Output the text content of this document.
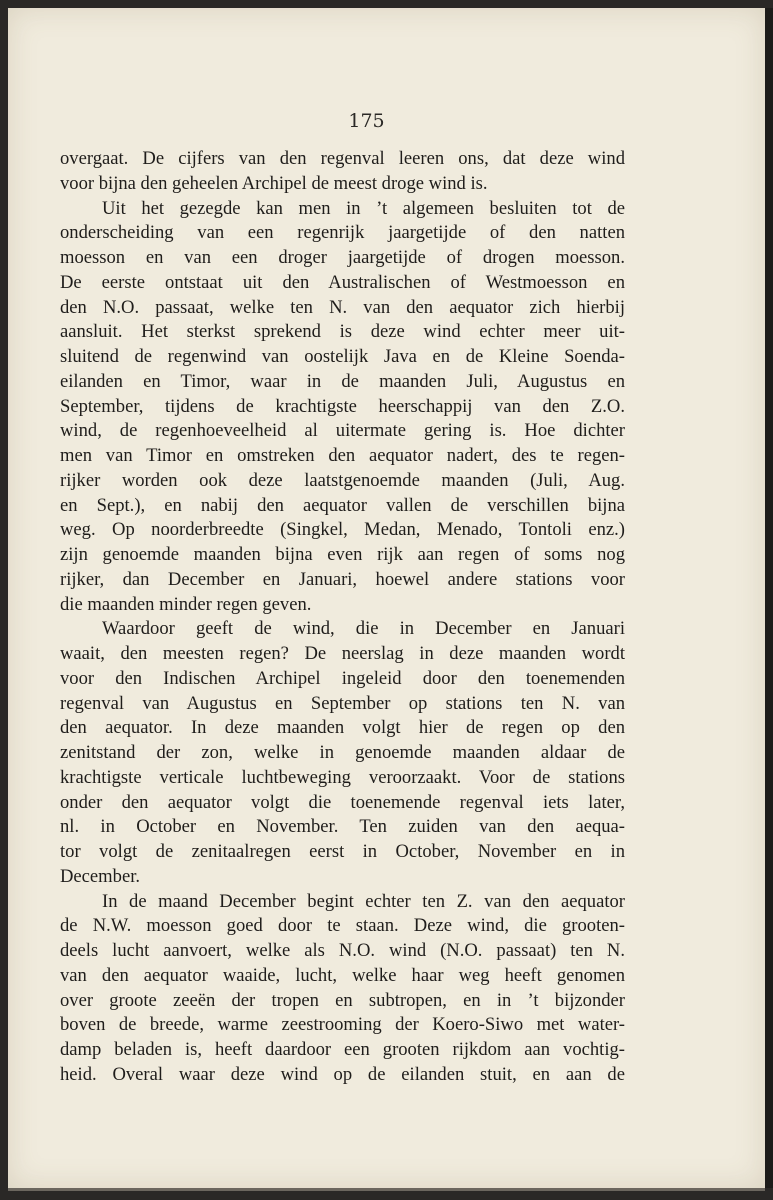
175
overgaat. De cijfers van den regenval leeren ons, dat deze wind
voor bijna den geheelen Archipel de meest droge wind is.
Uit het gezegde kan men in ’t algemeen besluiten tot de
onderscheiding van een regenrijk jaargetijde of den natten
moesson en van een droger jaargetijde of drogen moesson.
De eerste ontstaat uit den Australischen of Westmoesson en
den N.O. passaat, welke ten N. van den aequator zich hierbij
aansluit. Het sterkst sprekend is deze wind echter meer uit-
sluitend de regenwind van oostelijk Java en de Kleine Soenda-
eilanden en Timor, waar in de maanden Juli, Augustus en
September, tijdens de krachtigste heerschappij van den Z.O.
wind, de regenhoeveelheid al uitermate gering is. Hoe dichter
men van Timor en omstreken den aequator nadert, des te regen-
rijker worden ook deze laatstgenoemde maanden (Juli, Aug.
en Sept.), en nabij den aequator vallen de verschillen bijna
weg. Op noorderbreedte (Singkel, Medan, Menado, Tontoli enz.)
zijn genoemde maanden bijna even rijk aan regen of soms nog
rijker, dan December en Januari, hoewel andere stations voor
die maanden minder regen geven.
Waardoor geeft de wind, die in December en Januari
waait, den meesten regen? De neerslag in deze maanden wordt
voor den Indischen Archipel ingeleid door den toenemenden
regenval van Augustus en September op stations ten N. van
den aequator. In deze maanden volgt hier de regen op den
zenitstand der zon, welke in genoemde maanden aldaar de
krachtigste verticale luchtbeweging veroorzaakt. Voor de stations
onder den aequator volgt die toenemende regenval iets later,
nl. in October en November. Ten zuiden van den aequa-
tor volgt de zenitaalregen eerst in October, November en in
December.
In de maand December begint echter ten Z. van den aequator
de N.W. moesson goed door te staan. Deze wind, die grooten-
deels lucht aanvoert, welke als N.O. wind (N.O. passaat) ten N.
van den aequator waaide, lucht, welke haar weg heeft genomen
over groote zeeën der tropen en subtropen, en in ’t bijzonder
boven de breede, warme zeestrooming der Koero-Siwo met water-
damp beladen is, heeft daardoor een grooten rijkdom aan vochtig-
heid. Overal waar deze wind op de eilanden stuit, en aan de
